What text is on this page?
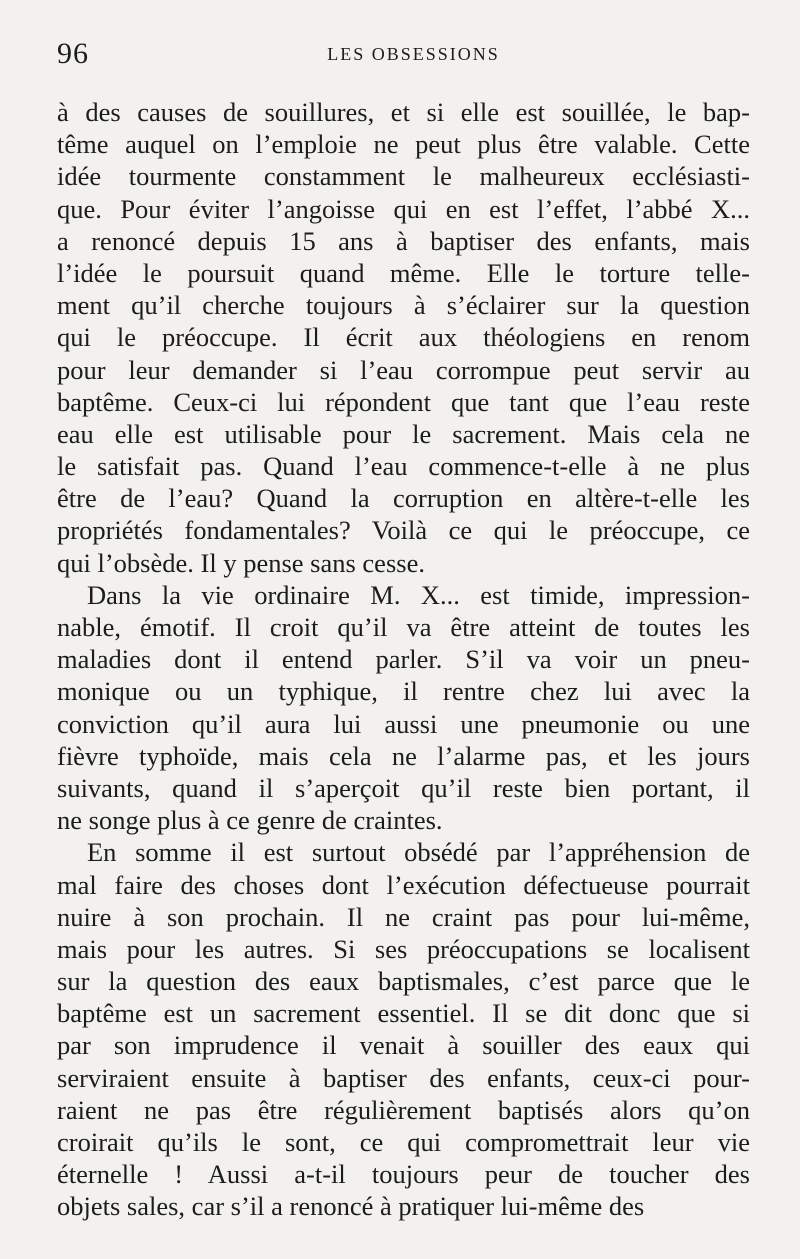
96	LES OBSESSIONS
à des causes de souillures, et si elle est souillée, le bap-
tême auquel on l’emploie ne peut plus être valable. Cette
idée tourmente constamment le malheureux ecclésiasti-
que. Pour éviter l’angoisse qui en est l’effet, l’abbé X...
a renoncé depuis 15 ans à baptiser des enfants, mais
l’idée le poursuit quand même. Elle le torture telle-
ment qu’il cherche toujours à s’éclairer sur la question
qui le préoccupe. Il écrit aux théologiens en renom
pour leur demander si l’eau corrompue peut servir au
baptême. Ceux-ci lui répondent que tant que l’eau reste
eau elle est utilisable pour le sacrement. Mais cela ne
le satisfait pas. Quand l’eau commence-t-elle à ne plus
être de l’eau? Quand la corruption en altère-t-elle les
propriétés fondamentales? Voilà ce qui le préoccupe, ce
qui l’obsède. Il y pense sans cesse.
Dans la vie ordinaire M. X... est timide, impression-
nable, émotif. Il croit qu’il va être atteint de toutes les
maladies dont il entend parler. S’il va voir un pneu-
monique ou un typhique, il rentre chez lui avec la
conviction qu’il aura lui aussi une pneumonie ou une
fièvre typhoïde, mais cela ne l’alarme pas, et les jours
suivants, quand il s’aperçoit qu’il reste bien portant, il
ne songe plus à ce genre de craintes.
En somme il est surtout obsédé par l’appréhension de
mal faire des choses dont l’exécution défectueuse pourrait
nuire à son prochain. Il ne craint pas pour lui-même,
mais pour les autres. Si ses préoccupations se localisent
sur la question des eaux baptismales, c’est parce que le
baptême est un sacrement essentiel. Il se dit donc que si
par son imprudence il venait à souiller des eaux qui
serviraient ensuite à baptiser des enfants, ceux-ci pour-
raient ne pas être régulièrement baptisés alors qu’on
croirait qu’ils le sont, ce qui compromettrait leur vie
éternelle ! Aussi a-t-il toujours peur de toucher des
objets sales, car s’il a renoncé à pratiquer lui-même des
